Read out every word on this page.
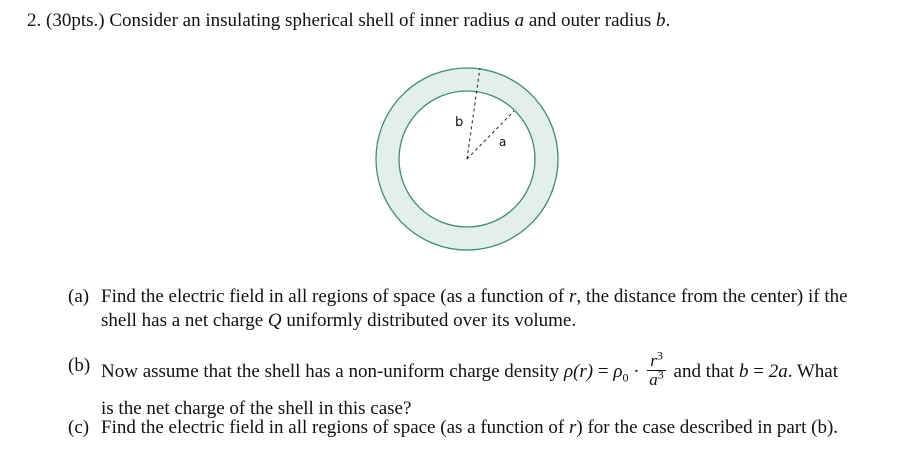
2. (30pts.) Consider an insulating spherical shell of inner radius a and outer radius b.
b
a
(a) Find the electric field in all regions of space (as a function of r, the distance from the center) if the
shell has a net charge Q uniformly distributed over its volume.
(b) Now assume that the shell has a non-uniform charge density $\rho(r) = \rho_0 \cdot \frac{r^3}{a^3}$ and that b = 2a. What
is the net charge of the shell in this case?
(c) Find the electric field in all regions of space (as a function of r) for the case described in part (b).
